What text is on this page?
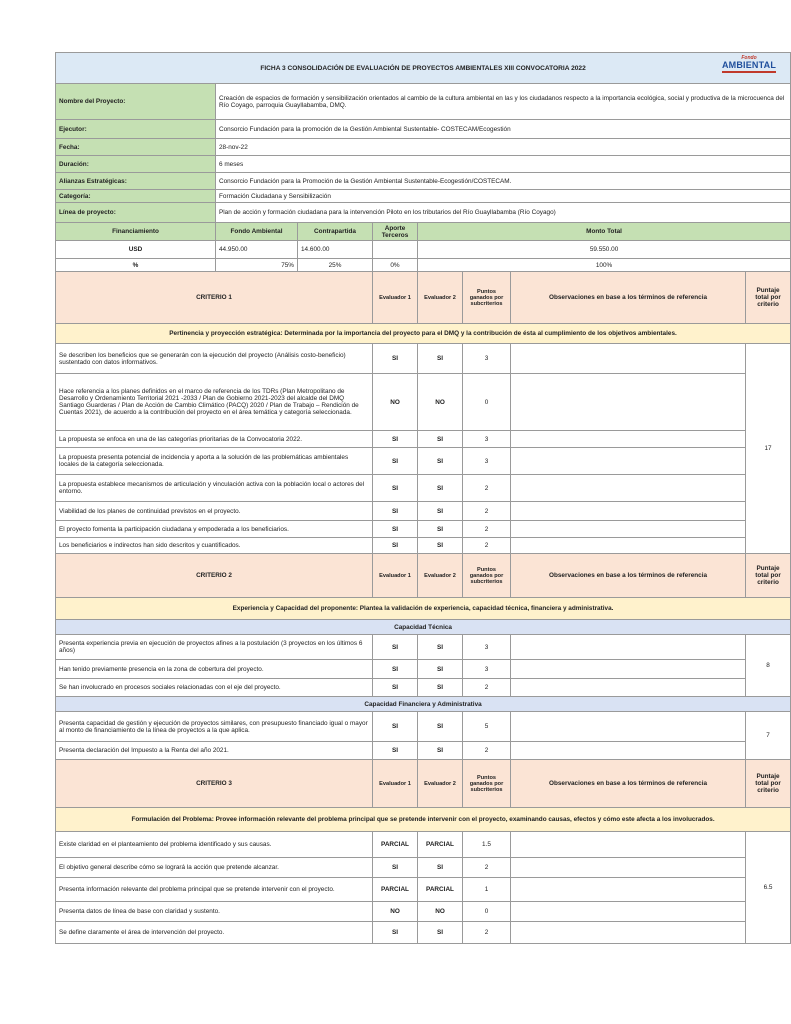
FICHA 3 CONSOLIDACIÓN DE EVALUACIÓN DE PROYECTOS AMBIENTALES XIII CONVOCATORIA 2022
Fondo
AMBIENTAL							

Nombre del Proyecto:	Creación de espacios de formación y sensibilización orientados al cambio de la cultura ambiental en las y los ciudadanos respecto a la importancia ecológica, social y productiva de la microcuenca del Río Coyago, parroquia Guayllabamba, DMQ.						
Ejecutor:	Consorcio Fundación para la promoción de la Gestión Ambiental Sustentable- COSTECAM/Ecogestión						
Fecha:	28-nov-22						
Duración:	6 meses						
Alianzas Estratégicas:	Consorcio Fundación para la Promoción de la Gestión Ambiental Sustentable-Ecogestión/COSTECAM.						
Categoría:	Formación Ciudadana y Sensibilización						
Línea de proyecto:	Plan de acción y formación ciudadana para la intervención Piloto en los tributarios del Río Guayllabamba (Río Coyago)						
Financiamiento	Fondo Ambiental	Contrapartida	Aporte Terceros	Monto Total			
USD	44.950.00	14.600.00		59.550.00			
%	75%	25%	0%	100%			
CRITERIO 1			Evaluador 1	Evaluador 2	Puntos ganados por subcriterios	Observaciones en base a los términos de referencia	Puntaje total por criterio
Pertinencia y proyección estratégica: Determinada por la importancia del proyecto para el DMQ y la contribución de ésta al cumplimiento de los objetivos ambientales.							
Se describen los beneficios que se generarán con la ejecución del proyecto (Análisis costo-beneficio) sustentado con datos informativos.			SI	SI	3		17
Hace referencia a los planes definidos en el marco de referencia de los TDRs (Plan Metropolitano de Desarrollo y Ordenamiento Territorial 2021 -2033 / Plan de Gobierno 2021-2023 del alcalde del DMQ Santiago Guarderas / Plan de Acción de Cambio Climático (PACQ) 2020 / Plan de Trabajo – Rendición de Cuentas 2021), de acuerdo a la contribución del proyecto en el área temática y categoría seleccionada.			NO	NO	0		
La propuesta se enfoca en una de las categorías prioritarias de la Convocatoria 2022.			SI	SI	3		
La propuesta presenta potencial de incidencia y aporta a la solución de las problemáticas ambientales locales de la categoría seleccionada.			SI	SI	3		
La propuesta establece mecanismos de articulación y vinculación activa con la población local o actores del entorno.			SI	SI	2		
Viabilidad de los planes de continuidad previstos en el proyecto.			SI	SI	2		
El proyecto fomenta la participación ciudadana y empoderada a los beneficiarios.			SI	SI	2		
Los beneficiarios e indirectos han sido descritos y cuantificados.			SI	SI	2		
CRITERIO 2			Evaluador 1	Evaluador 2	Puntos ganados por subcriterios	Observaciones en base a los términos de referencia	Puntaje total por criterio
Experiencia y Capacidad del proponente: Plantea la validación de experiencia, capacidad técnica, financiera y administrativa.							
Capacidad Técnica							
Presenta experiencia previa en ejecución de proyectos afines a la postulación (3 proyectos en los últimos 6 años)			SI	SI	3		8
Han tenido previamente presencia en la zona de cobertura del proyecto.			SI	SI	3		
Se han involucrado en procesos sociales relacionadas con el eje del proyecto.			SI	SI	2		
Capacidad Financiera y Administrativa							
Presenta capacidad de gestión y ejecución de proyectos similares, con presupuesto financiado igual o mayor al monto de financiamiento de la línea de proyectos a la que aplica.			SI	SI	5		7
Presenta declaración del Impuesto a la Renta del año 2021.			SI	SI	2		
CRITERIO 3			Evaluador 1	Evaluador 2	Puntos ganados por subcriterios	Observaciones en base a los términos de referencia	Puntaje total por criterio
Formulación del Problema: Provee información relevante del problema principal que se pretende intervenir con el proyecto, examinando causas, efectos y cómo este afecta a los involucrados.							
Existe claridad en el planteamiento del problema identificado y sus causas.			PARCIAL	PARCIAL	1.5		6.5
El objetivo general describe cómo se logrará la acción que pretende alcanzar.			SI	SI	2		
Presenta información relevante del problema principal que se pretende intervenir con el proyecto.			PARCIAL	PARCIAL	1		
Presenta datos de línea de base con claridad y sustento.			NO	NO	0		
Se define claramente el área de intervención del proyecto.			SI	SI	2		
